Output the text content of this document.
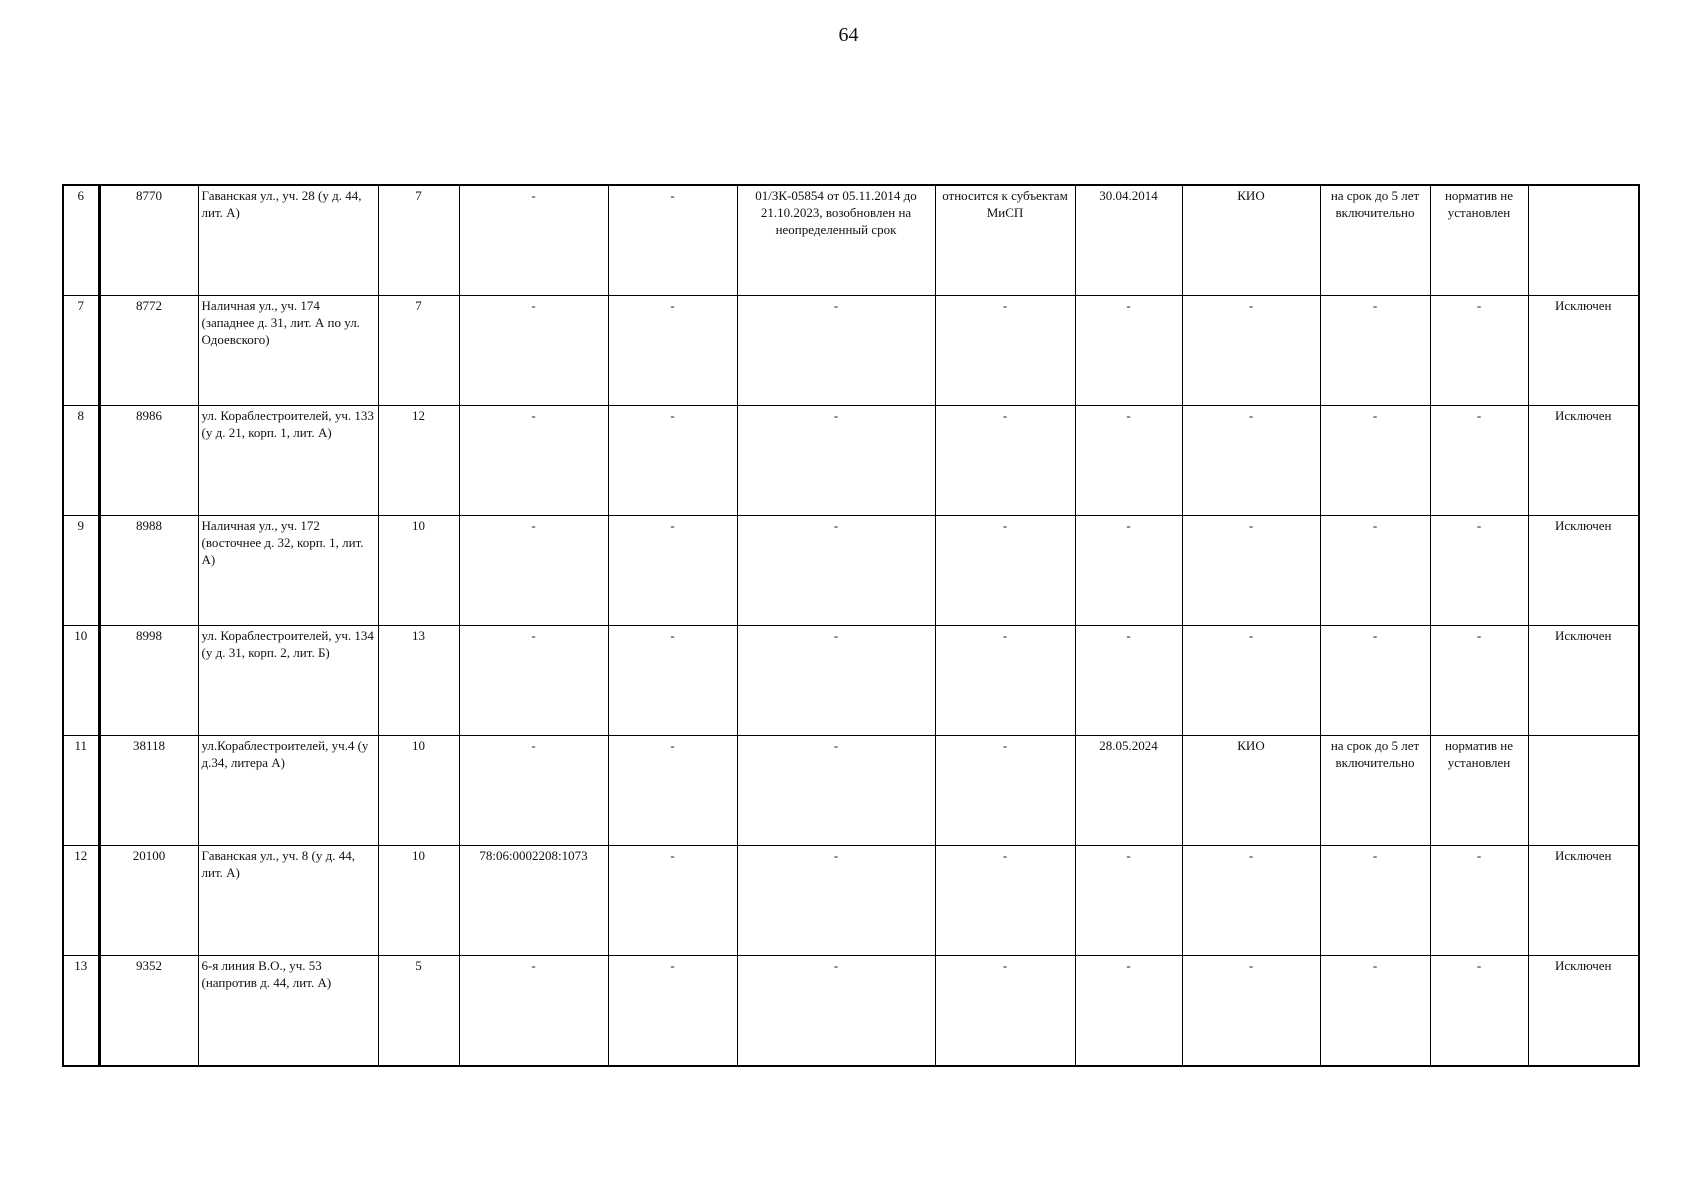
64
6	8770	Гаванская ул., уч. 28 (у д. 44, лит. А)	7	-	-	01/ЗК-05854 от 05.11.2014 до 21.10.2023, возобновлен на неопределенный срок	относится к субъектам МиСП	30.04.2014	КИО	на срок до 5 лет включительно	норматив не установлен	
7	8772	Наличная ул., уч. 174 (западнее д. 31, лит. А по ул. Одоевского)	7	-	-	-	-	-	-	-	-	Исключен
8	8986	ул. Кораблестроителей, уч. 133 (у д. 21, корп. 1, лит. А)	12	-	-	-	-	-	-	-	-	Исключен
9	8988	Наличная ул., уч. 172 (восточнее д. 32, корп. 1, лит. А)	10	-	-	-	-	-	-	-	-	Исключен
10	8998	ул. Кораблестроителей, уч. 134 (у д. 31, корп. 2, лит. Б)	13	-	-	-	-	-	-	-	-	Исключен
11	38118	ул.Кораблестроителей, уч.4 (у д.34, литера А)	10	-	-	-	-	28.05.2024	КИО	на срок до 5 лет включительно	норматив не установлен	
12	20100	Гаванская ул., уч. 8 (у д. 44, лит. А)	10	78:06:0002208:1073	-	-	-	-	-	-	-	Исключен
13	9352	6-я линия В.О., уч. 53 (напротив д. 44, лит. А)	5	-	-	-	-	-	-	-	-	Исключен
